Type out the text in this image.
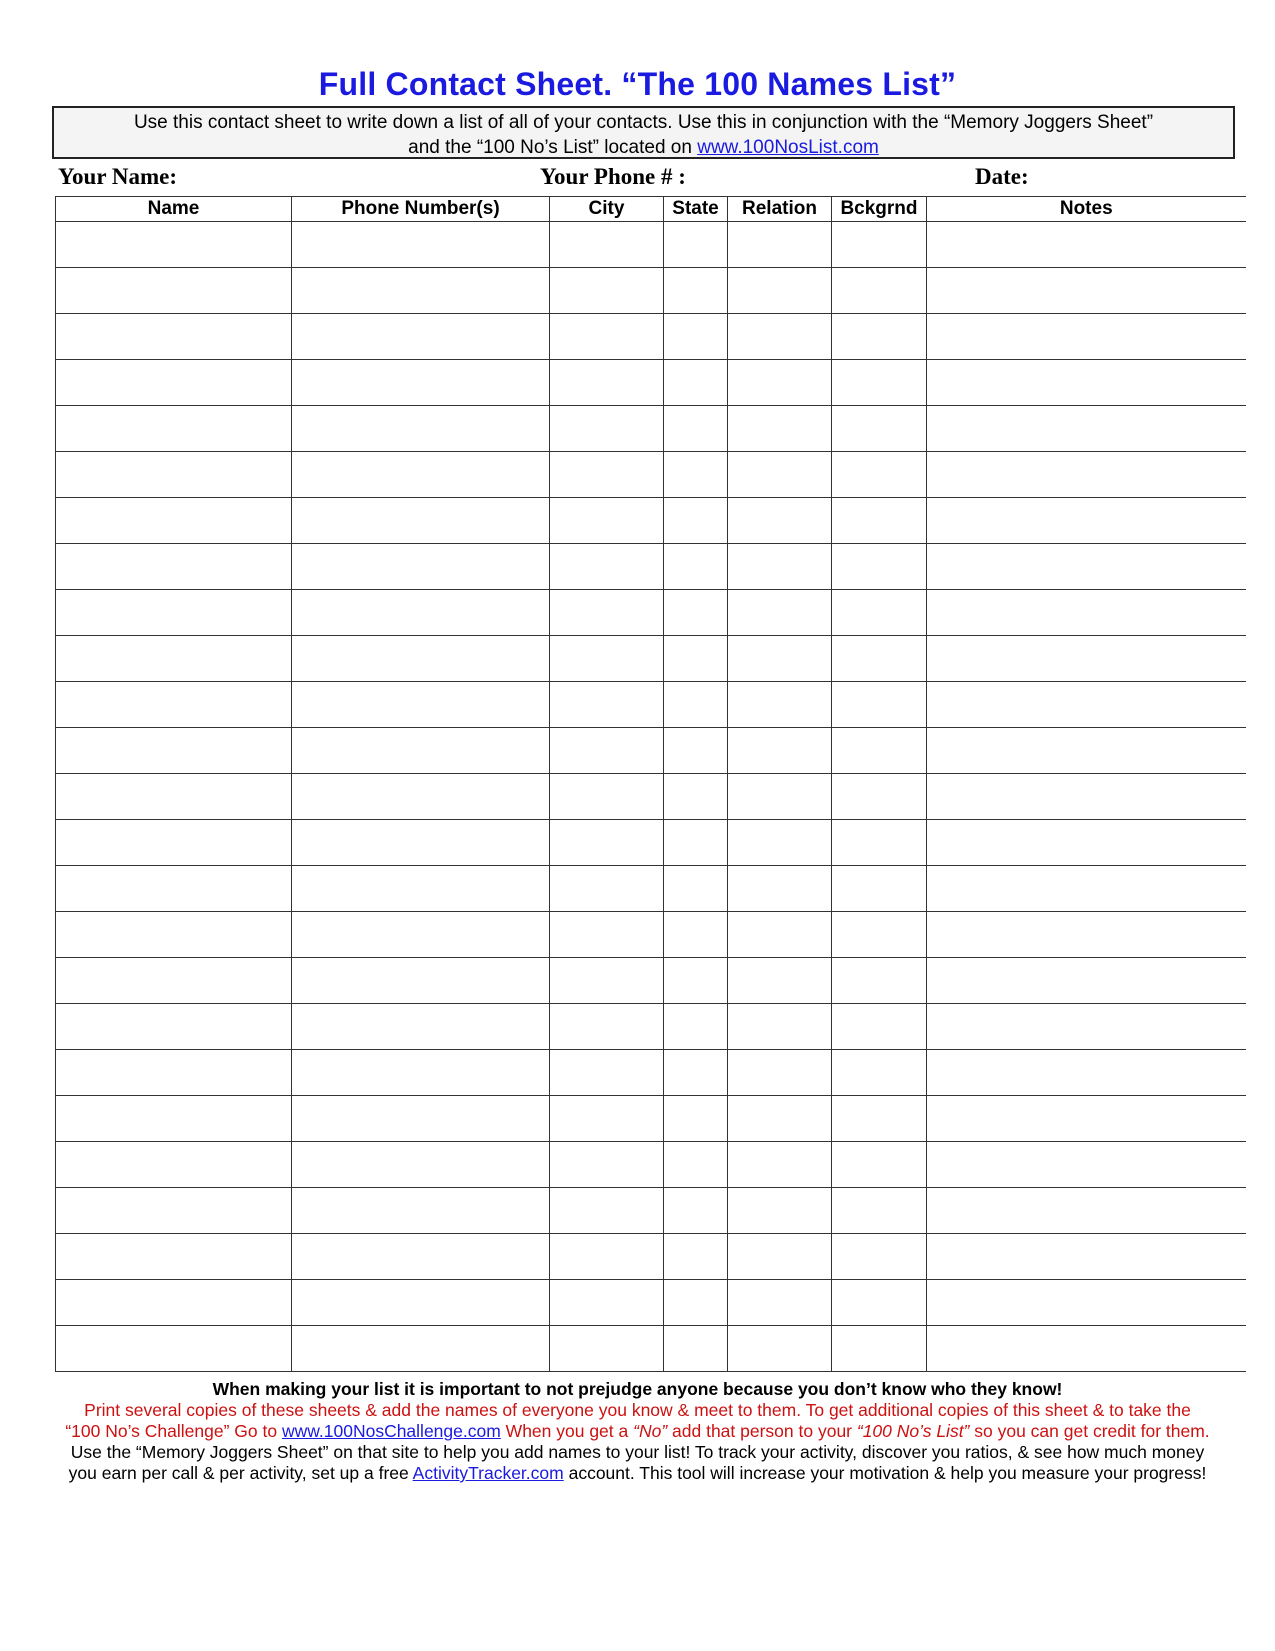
Full Contact Sheet. “The 100 Names List”
Use this contact sheet to write down a list of all of your contacts. Use this in conjunction with the “Memory Joggers Sheet”
and the “100 No’s List” located on www.100NosList.com
Your Name:	Your Phone # :	Date:
Name	Phone Number(s)	City	State	Relation	Bckgrnd	Notes

When making your list it is important to not prejudge anyone because you don’t know who they know!
Print several copies of these sheets & add the names of everyone you know & meet to them. To get additional copies of this sheet & to take the
“100 No’s Challenge” Go to www.100NosChallenge.com When you get a “No” add that person to your “100 No’s List” so you can get credit for them.
Use the “Memory Joggers Sheet” on that site to help you add names to your list! To track your activity, discover you ratios, & see how much money
you earn per call & per activity, set up a free ActivityTracker.com account. This tool will increase your motivation & help you measure your progress!
